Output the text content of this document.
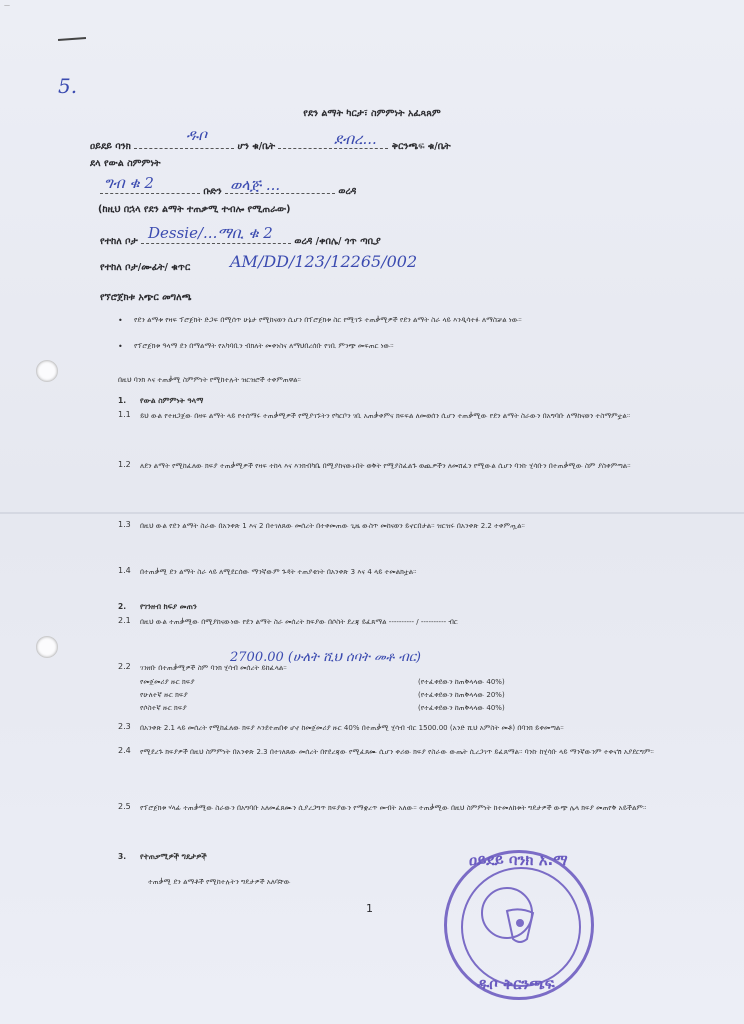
—
5.
የደን ልማት ካርታ፣ ስምምነት አፈጻጸም
ዐይደይ ባንክ	ሆን ቁ/ቤት	ቅርንጫፍ ቁ/ቤት
ዱቦ	ደብረ...
ደላ የውል ስምምነት
ቡድን	ወረዳ
ግብ ቁ 2	ወላጅ ...
(ከዚህ በኋላ የደን ልማት ተጠቃሚ ተብሎ የሚጠራው)
የተከለ ቦታ	ወረዳ /ቀበሌ/ ጎጥ ጣቢያ
Dessie/...ማቢ ቁ 2
የተከለ ቦታ/ሙፊት/ ቁጥር AM/DD/123/12265/002
የኘሮጀክቱ አጭር መግለጫ
• የደን ልማቱ የዛፍ ፕሮጀክት ድጋፍ በሚሰጥ ሁኔታ የሚከናወን ሲሆን በፕሮጀክቱ ስር የሚገኙ ተጠቃሚዎች የደን ልማት ስራ ላይ እንዲሳተፉ ለማስቻል ነው።
• የፕሮጀክቱ ዓላማ ደን በማልማት የአካባቢን ብክለት መቀነስና ለማህበረሰቡ የገቢ ምንጭ መፍጠር ነው።
በዚህ ባንክ እና ተጠቃሚ ስምምነት የሚከተሉት ዝርዝሮች ተቀምጠዋል።
1. የውል ስምምነት ዓላማ
1.1 ይህ ውል የተዘጋጀው በዛፍ ልማት ላይ የተሰማሩ ተጠቃሚዎች የሚያገኙትን የካርቦን ገቢ አጠቃቀምና ክፍፍል ለመወሰን ሲሆን ተጠቃሚው የደን ልማት ስራውን በአግባቡ ለማከናወን ተስማምቷል።
1.2 ለደን ልማት የሚከፈለው ክፍያ ተጠቃሚዎች የዛፍ ተከላ እና እንክብካቤ በሚያከናውኑበት ወቅት የሚያስፈልጉ ወጪዎችን ለመሸፈን የሚውል ሲሆን ባንኩ ሂሳቡን በተጠቃሚው ስም ያስቀምጣል።
1.3 በዚህ ውል የደን ልማት ስራው በአንቀጽ 1 እና 2 በተገለጸው መሰረት በተቀመጠው ጊዜ ውስጥ መከናወን ይኖርበታል። ዝርዝሩ በአንቀጽ 2.2 ተቀምጧል።
1.4 በተጠቃሚ ደን ልማት ስራ ላይ ለሚደርሰው ማንኛውም ጉዳት ተጠያቂነት በአንቀጽ 3 እና 4 ላይ ተመልክቷል።
2. የገንዘብ ክፍያ መጠን
2.1 በዚህ ውል ተጠቃሚው በሚያከናውነው የደን ልማት ስራ መሰረት ክፍያው በሶስት ደረጃ ይፈጸማል ---------- / ---------- ብር
2.2 ገንዘቡ በተጠቃሚዎች ስም ባንክ ሂሳብ መሰረት ይከፈላል።
2700.00 (ሁለት ሺህ ሰባት መቶ ብር)
የመጀመሪያ ዙር ክፍያ	(የተፈቀደውን ከጠቅላላው 40%)
የሁለተኛ ዙር ክፍያ	(የተፈቀደውን ከጠቅላላው 20%)
የሶስተኛ ዙር ክፍያ	(የተፈቀደውን ከጠቅላላው 40%)
2.3 በአንቀጽ 2.1 ላይ መሰረት የሚከፈለው ክፍያ እንደተጠበቀ ሆኖ ከመጀመሪያ ዙር 40% በተጠቃሚ ሂሳብ ብር 1500.00 (አንድ ሺህ አምስት መቶ) በባንክ ይቀመጣል።
2.4 የሚደረጉ ክፍያዎች በዚህ ስምምነት በአንቀጽ 2.3 በተገለጸው መሰረት በየደረጃው የሚፈጸሙ ሲሆን ቀሪው ክፍያ የስራው ውጤት ሲረጋገጥ ይፈጸማል። ባንኩ ከሂሳቡ ላይ ማንኛውንም ተቀናሽ አያደርግም።
2.5 የፕሮጀክቱ ሃላፊ ተጠቃሚው ስራውን በአግባቡ አለመፈጸሙን ሲያረጋግጥ ክፍያውን የማቋረጥ መብት አለው። ተጠቃሚው በዚህ ስምምነት ከተመለከቱት ግዴታዎች ውጭ ሌላ ክፍያ መጠየቅ አይችልም።
3. የተጠቃሚዎች ግዴታዎች
ተጠቃሚ ደን ልማቶች የሚከተሉትን ግዴታዎች አለባቸው
1
ዐይደይ ባንክ አ.ማ
ዱቦ ቅርንጫፍ
